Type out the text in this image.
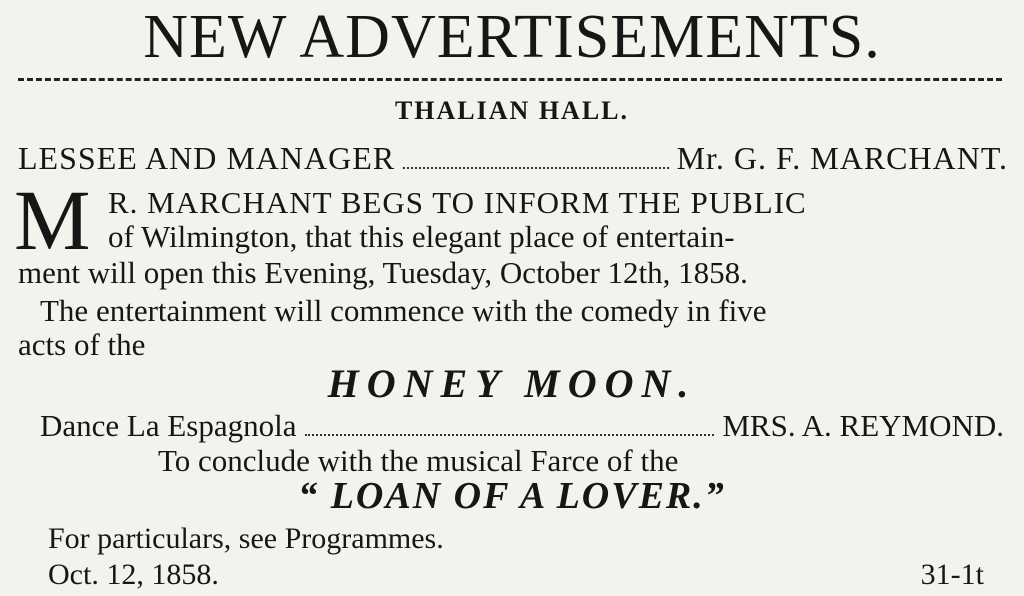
NEW ADVERTISEMENTS.
THALIAN HALL.
LESSEE AND MANAGER	Mr. G. F. MARCHANT.
M R. MARCHANT BEGS TO INFORM THE PUBLIC
of Wilmington, that this elegant place of entertain-
ment will open this Evening, Tuesday, October 12th, 1858.
The entertainment will commence with the comedy in five
acts of the
HONEY MOON.
Dance La Espagnola	MRS. A. REYMOND.
To conclude with the musical Farce of the
“ LOAN OF A LOVER.”
For particulars, see Programmes.
Oct. 12, 1858.	31-1t
